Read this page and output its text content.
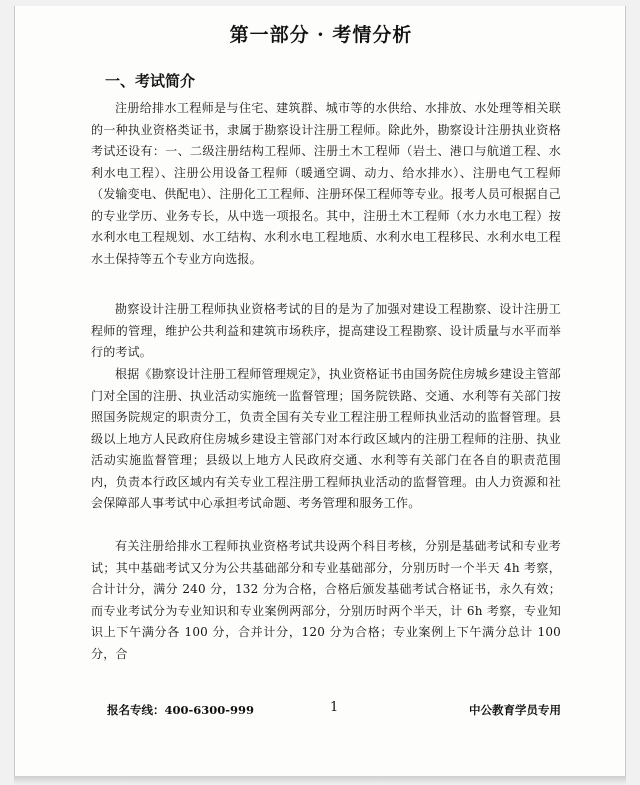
第一部分 · 考情分析
一、考试简介
注册给排水工程师是与住宅、建筑群、城市等的水供给、水排放、水处理等相关联的一种执业资格类证书，隶属于勘察设计注册工程师。除此外，勘察设计注册执业资格考试还设有：一、二级注册结构工程师、注册土木工程师（岩土、港口与航道工程、水利水电工程）、注册公用设备工程师（暖通空调、动力、给水排水）、注册电气工程师（发输变电、供配电）、注册化工工程师、注册环保工程师等专业。报考人员可根据自己的专业学历、业务专长，从中选一项报名。其中，注册土木工程师（水力水电工程）按水利水电工程规划、水工结构、水利水电工程地质、水利水电工程移民、水利水电工程水土保持等五个专业方向选报。
勘察设计注册工程师执业资格考试的目的是为了加强对建设工程勘察、设计注册工程师的管理，维护公共利益和建筑市场秩序，提高建设工程勘察、设计质量与水平而举行的考试。
根据《勘察设计注册工程师管理规定》，执业资格证书由国务院住房城乡建设主管部门对全国的注册、执业活动实施统一监督管理；国务院铁路、交通、水利等有关部门按照国务院规定的职责分工，负责全国有关专业工程注册工程师执业活动的监督管理。县级以上地方人民政府住房城乡建设主管部门对本行政区域内的注册工程师的注册、执业活动实施监督管理；县级以上地方人民政府交通、水利等有关部门在各自的职责范围内，负责本行政区域内有关专业工程注册工程师执业活动的监督管理。由人力资源和社会保障部人事考试中心承担考试命题、考务管理和服务工作。
有关注册给排水工程师执业资格考试共设两个科目考核，分别是基础考试和专业考试；其中基础考试又分为公共基础部分和专业基础部分，分别历时一个半天 4h 考察，合计计分，满分 240 分，132 分为合格，合格后颁发基础考试合格证书，永久有效；而专业考试分为专业知识和专业案例两部分，分别历时两个半天，计 6h 考察，专业知识上下午满分各 100 分，合并计分，120 分为合格；专业案例上下午满分总计 100 分，合
报名专线：400-6300-999	1	中公教育学员专用
